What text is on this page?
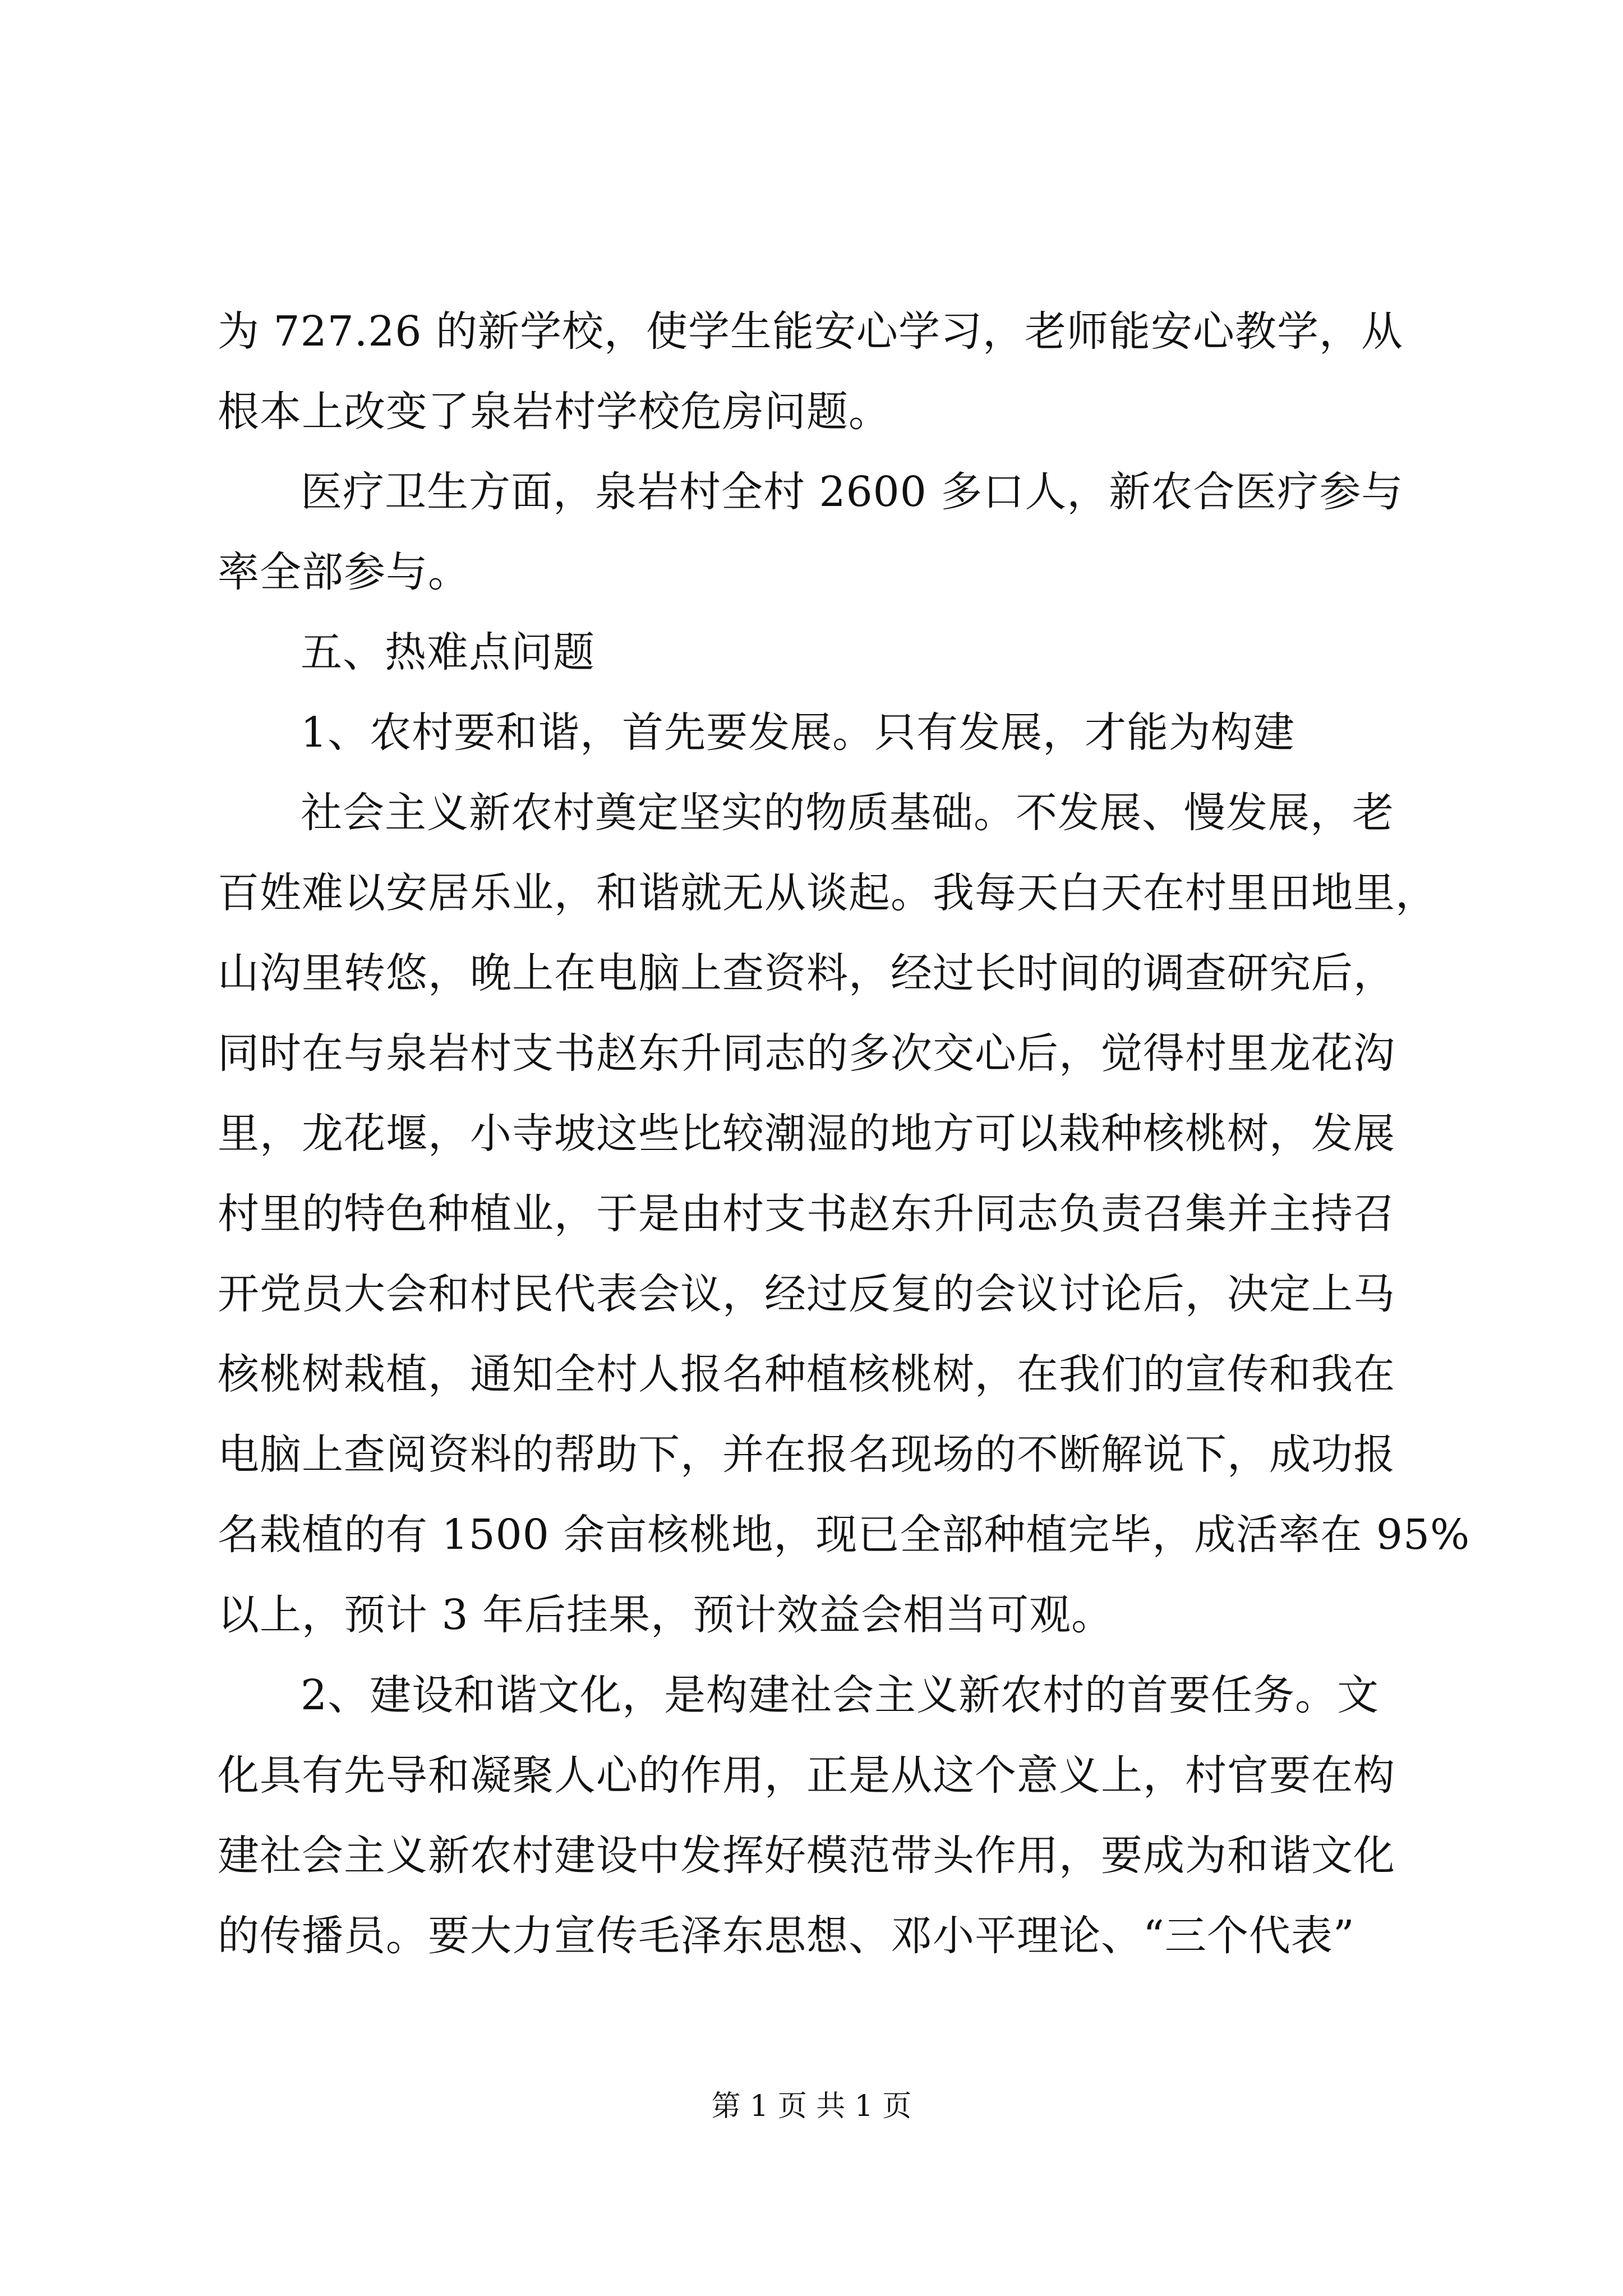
为 727.26 的新学校，使学生能安心学习，老师能安心教学，从
根本上改变了泉岩村学校危房问题。

医疗卫生方面，泉岩村全村 2600 多口人，新农合医疗参与
率全部参与。

五、热难点问题

1、农村要和谐，首先要发展。只有发展，才能为构建

社会主义新农村奠定坚实的物质基础。不发展、慢发展，老
百姓难以安居乐业，和谐就无从谈起。我每天白天在村里田地里，
山沟里转悠，晚上在电脑上查资料，经过长时间的调查研究后，
同时在与泉岩村支书赵东升同志的多次交心后，觉得村里龙花沟
里，龙花堰，小寺坡这些比较潮湿的地方可以栽种核桃树，发展
村里的特色种植业，于是由村支书赵东升同志负责召集并主持召
开党员大会和村民代表会议，经过反复的会议讨论后，决定上马
核桃树栽植，通知全村人报名种植核桃树，在我们的宣传和我在
电脑上查阅资料的帮助下，并在报名现场的不断解说下，成功报
名栽植的有 1500 余亩核桃地，现已全部种植完毕，成活率在 95%
以上，预计 3 年后挂果，预计效益会相当可观。

2、建设和谐文化，是构建社会主义新农村的首要任务。文
化具有先导和凝聚人心的作用，正是从这个意义上，村官要在构
建社会主义新农村建设中发挥好模范带头作用，要成为和谐文化
的传播员。要大力宣传毛泽东思想、邓小平理论、“三个代表”

第 1 页 共 1 页
